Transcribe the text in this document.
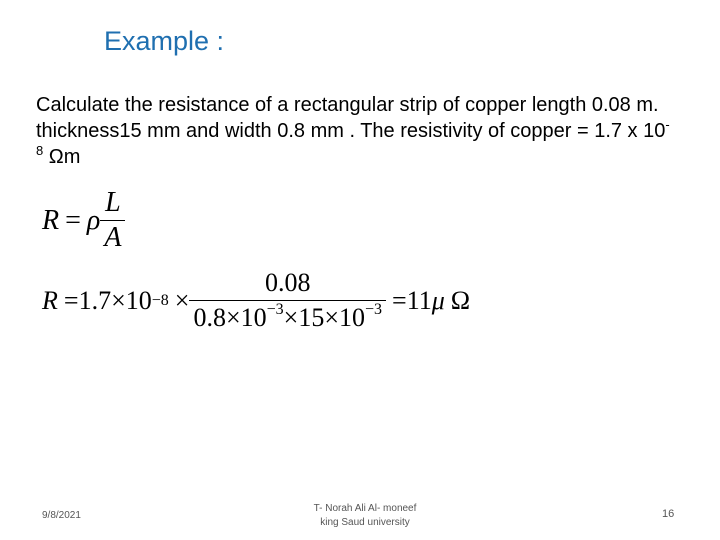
Example :
Calculate the resistance of a rectangular strip of copper length 0.08 m. thickness15 mm and width 0.8 mm . The resistivity of copper = 1.7 x $10^{-8}$ Ωm
R = ρ $\frac{L}{A}$
$R = 1.7 \times 10 -8 \times \frac{0.08}{0.8\times 10^{-3}\times 15\times 10^{-3}} = 11$ μ Ω
9/8/2021
T- Norah Ali Al- moneef
king Saud university
16
